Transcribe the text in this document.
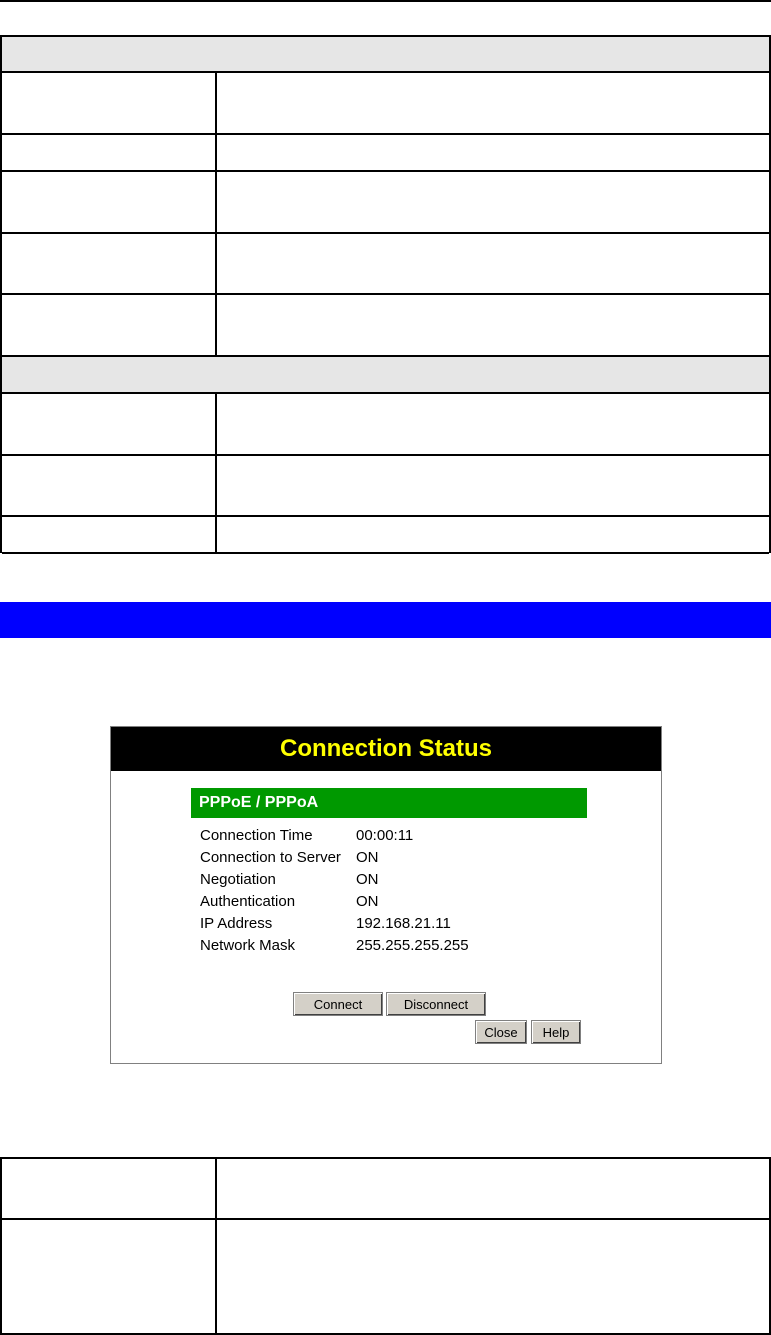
Connection Status
PPPoE / PPPoA
Connection Time	00:00:11
Connection to Server ON
Negotiation	ON
Authentication	ON
IP Address	192.168.21.11
Network Mask	255.255.255.255
Connect	Disconnect
Close	Help
